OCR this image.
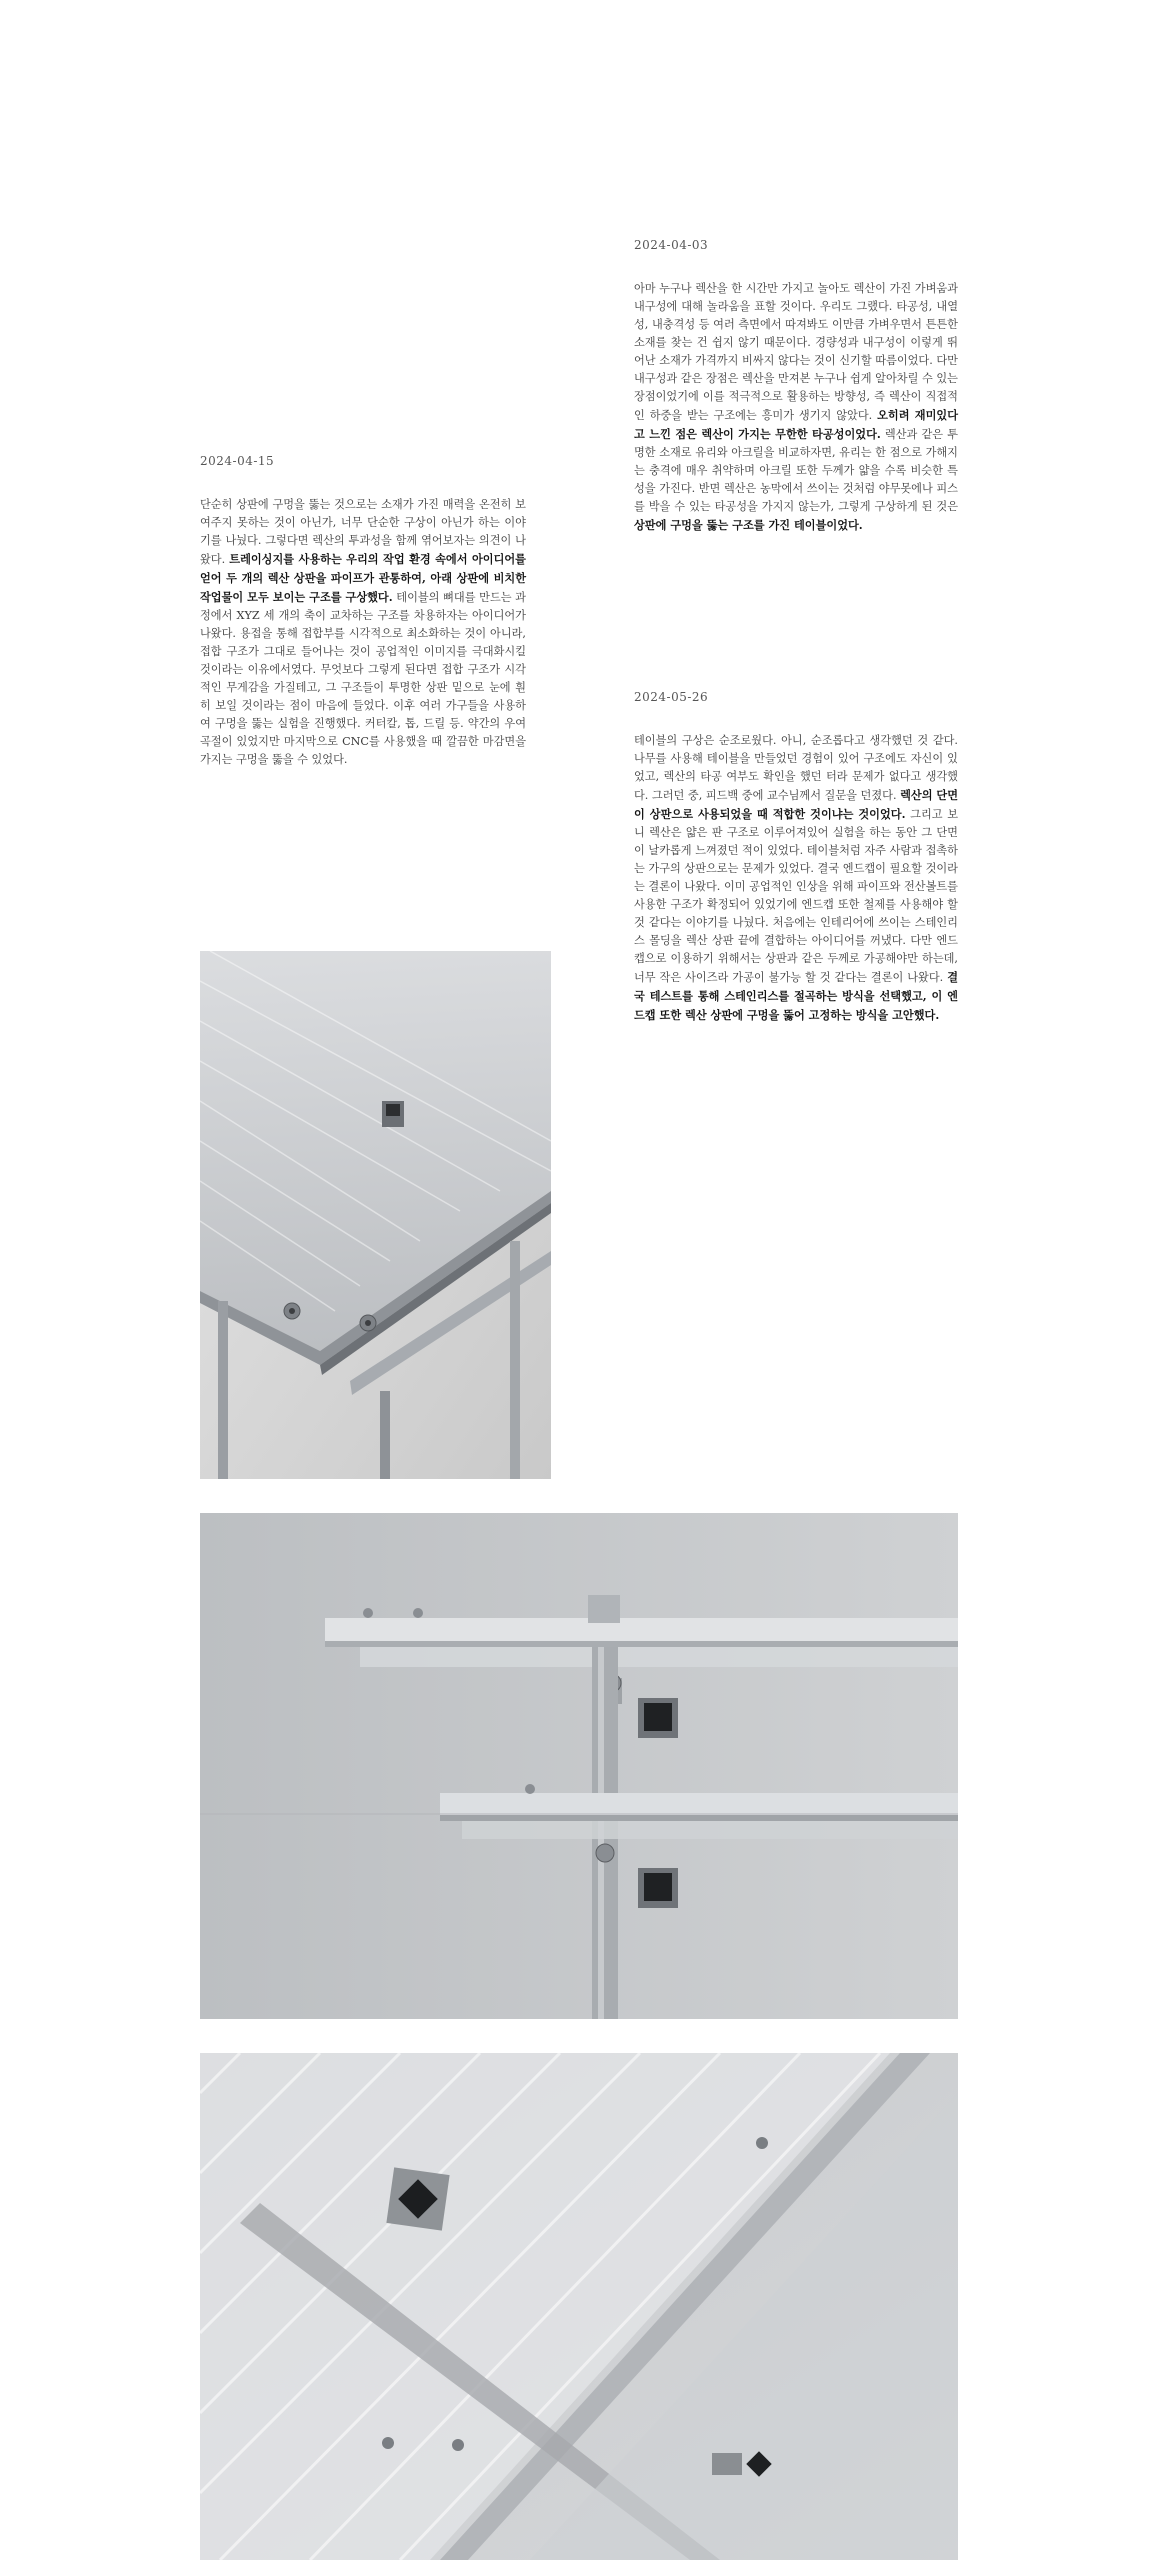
2024-04-03

아마 누구나 렉산을 한 시간만 가지고 놀아도 렉산이 가진 가벼움과 내구성에 대해 놀라움을 표할 것이다. 우리도 그랬다. 타공성, 내열성, 내충격성 등 여러 측면에서 따져봐도 이만큼 가벼우면서 튼튼한 소재를 찾는 건 쉽지 않기 때문이다. 경량성과 내구성이 이렇게 뛰어난 소재가 가격까지 비싸지 않다는 것이 신기할 따름이었다. 다만 내구성과 같은 장점은 렉산을 만져본 누구나 쉽게 알아차릴 수 있는 장점이었기에 이를 적극적으로 활용하는 방향성, 즉 렉산이 직접적인 하중을 받는 구조에는 흥미가 생기지 않았다. 오히려 재미있다고 느낀 점은 렉산이 가지는 무한한 타공성이었다. 렉산과 같은 투명한 소재로 유리와 아크릴을 비교하자면, 유리는 한 점으로 가해지는 충격에 매우 취약하며 아크릴 또한 두께가 얇을 수록 비슷한 특성을 가진다. 반면 렉산은 농막에서 쓰이는 것처럼 야무못에나 피스를 박을 수 있는 타공성을 가지지 않는가, 그렇게 구상하게 된 것은 상판에 구멍을 뚫는 구조를 가진 테이블이었다.

2024-04-15

단순히 상판에 구멍을 뚫는 것으로는 소재가 가진 매력을 온전히 보여주지 못하는 것이 아닌가, 너무 단순한 구상이 아닌가 하는 이야기를 나눴다. 그렇다면 렉산의 투과성을 함께 엮어보자는 의견이 나왔다. 트레이싱지를 사용하는 우리의 작업 환경 속에서 아이디어를 얻어 두 개의 렉산 상판을 파이프가 관통하여, 아래 상판에 비치한 작업물이 모두 보이는 구조를 구상했다. 테이블의 뼈대를 만드는 과정에서 XYZ 세 개의 축이 교차하는 구조를 차용하자는 아이디어가 나왔다. 용접을 통해 접합부를 시각적으로 최소화하는 것이 아니라, 접합 구조가 그대로 들어나는 것이 공업적인 이미지를 극대화시킬 것이라는 이유에서였다. 무엇보다 그렇게 된다면 접합 구조가 시각적인 무게감을 가질테고, 그 구조들이 투명한 상판 밑으로 눈에 훤히 보일 것이라는 점이 마음에 들었다. 이후 여러 가구들을 사용하여 구멍을 뚫는 실험을 진행했다. 커터칼, 톱, 드릴 등. 약간의 우여곡절이 있었지만 마지막으로 CNC를 사용했을 때 깔끔한 마감면을 가지는 구멍을 뚫을 수 있었다.

2024-05-26

테이블의 구상은 순조로웠다. 아니, 순조롭다고 생각했던 것 같다. 나무를 사용해 테이블을 만들었던 경험이 있어 구조에도 자신이 있었고, 렉산의 타공 여부도 확인을 했던 터라 문제가 없다고 생각했다. 그러던 중, 피드백 중에 교수님께서 질문을 던졌다. 렉산의 단면이 상판으로 사용되었을 때 적합한 것이냐는 것이었다. 그리고 보니 렉산은 얇은 판 구조로 이루어져있어 실험을 하는 동안 그 단면이 날카롭게 느껴졌던 적이 있었다. 테이블처럼 자주 사람과 접촉하는 가구의 상판으로는 문제가 있었다. 결국 엔드캡이 필요할 것이라는 결론이 나왔다. 이미 공업적인 인상을 위해 파이프와 전산볼트를 사용한 구조가 확정되어 있었기에 엔드캡 또한 철제를 사용해야 할 것 같다는 이야기를 나눴다. 처음에는 인테리어에 쓰이는 스테인리스 몰딩을 렉산 상판 끝에 결합하는 아이디어를 꺼냈다. 다만 엔드캡으로 이용하기 위해서는 상판과 같은 두께로 가공해야만 하는데, 너무 작은 사이즈라 가공이 불가능 할 것 같다는 결론이 나왔다. 결국 테스트를 통해 스테인리스를 절곡하는 방식을 선택했고, 이 엔드캡 또한 렉산 상판에 구멍을 뚫어 고정하는 방식을 고안했다.
